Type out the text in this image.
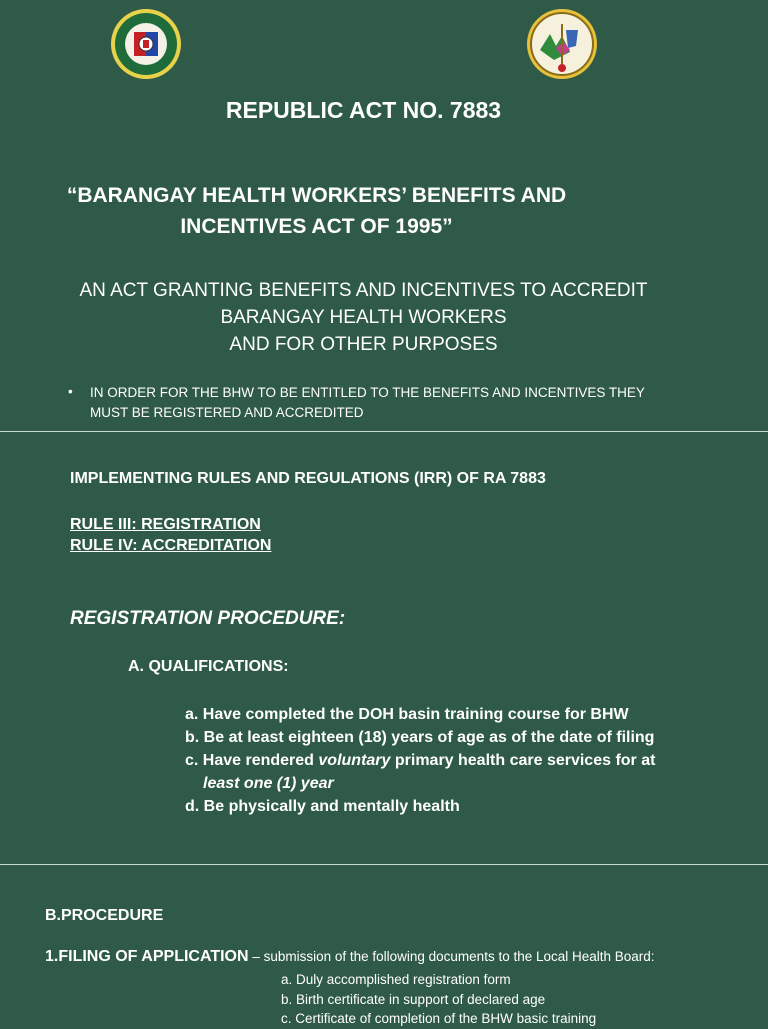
REPUBLIC ACT NO. 7883
“BARANGAY HEALTH WORKERS’ BENEFITS AND
INCENTIVES ACT OF 1995”
AN ACT GRANTING BENEFITS AND INCENTIVES TO ACCREDIT
BARANGAY HEALTH WORKERS
AND FOR OTHER PURPOSES
• IN ORDER FOR THE BHW TO BE ENTITLED TO THE BENEFITS AND INCENTIVES THEY MUST BE REGISTERED AND ACCREDITED
IMPLEMENTING RULES AND REGULATIONS (IRR) OF RA 7883
RULE III: REGISTRATION
RULE IV: ACCREDITATION
REGISTRATION PROCEDURE:
A. QUALIFICATIONS:
a. Have completed the DOH basin training course for BHW
b. Be at least eighteen (18) years of age as of the date of filing
c. Have rendered voluntary primary health care services for at
least one (1) year
d. Be physically and mentally health
B.PROCEDURE
1.FILING OF APPLICATION – submission of the following documents to the Local Health Board:
a. Duly accomplished registration form
b. Birth certificate in support of declared age
c. Certificate of completion of the BHW basic training
